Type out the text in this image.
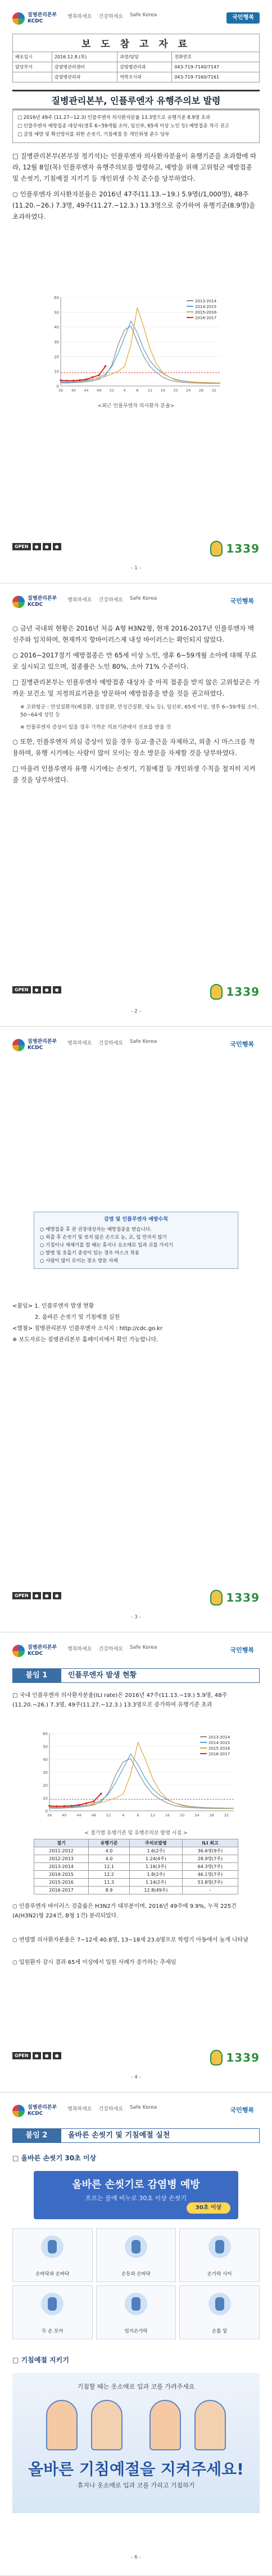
질병관리본부
KCDC
행복하세요 건강하세요 Safe Korea	국민행복
보 도 참 고 자 료			
배포일시	2016.12.8.(목)	과장/담당	전화번호
담당부서	감염병관리센터	감염병관리과	043-719-7140/7147
	감염병관리과	역학조사과	043-719-7160/7161
질병관리본부, 인플루엔자 유행주의보 발령

□ 2016년 49주 (11.27~12.3) 인플루엔자 의사환자분율 13.3명으로 유행기준 8.9명 초과

□ 인플루엔자 예방접종 대상자(생후 6~59개월 소아, 임신부, 65세 이상 노인 등) 예방접종 적극 권고

□ 감염 예방 및 확산방지를 위한 손씻기, 기침예절 등 개인위생 준수 당부

□ 질병관리본부(본부장 정기석)는 인플루엔자 의사환자분율이 유행기준을 초과함에 따라, 12월 8일(목) 인플루엔자 유행주의보를 발령하고, 예방을 위해 고위험군 예방접종 및 손씻기, 기침예절 지키기 등 개인위생 수칙 준수를 당부하였다.

○ 인플루엔자 의사환자분율은 2016년 47주(11.13.~19.) 5.9명(/1,000명), 48주(11.20.~26.) 7.3명, 49주(11.27.~12.3.) 13.3명으로 증가하여 유행기준(8.9명)을 초과하였다.

0
10
20
30
40
50
60
36 40 44 48 52	4	8	12 16 20 24 28 32
2013-2014
2014-2015
2015-2016
2016-2017
<최근 인플루엔자 의사환자 분율>
GPEN	●	●	●	1339
- 1 -
질병관리본부
KCDC
행복하세요 건강하세요 Safe Korea	국민행복

○ 금년 국내외 현황은 2016년 처음 A형 H3N2형, 현재 2016-2017년 인플루엔자 백신주와 일치하며, 현재까지 항바이러스제 내성 바이러스는 확인되지 않았다.

○ 2016~2017절기 예방접종은 만 65세 이상 노인, 생후 6~59개월 소아에 대해 무료로 실시되고 있으며, 접종률은 노인 80%, 소아 71% 수준이다.

□ 질병관리본부는 인플루엔자 예방접종 대상자 중 아직 접종을 받지 않은 고위험군은 가까운 보건소 및 지정의료기관을 방문하여 예방접종을 받을 것을 권고하였다.

※ 고위험군 : 만성질환자(폐질환, 심장질환, 만성간질환, 당뇨 등), 임신부, 65세 이상, 생후 6~59개월 소아, 50~64세 성인 등

※ 인플루엔자 증상이 있을 경우 가까운 의료기관에서 진료를 받을 것

○ 또한, 인플루엔자 의심 증상이 있을 경우 등교·출근을 자제하고, 외출 시 마스크를 착용하며, 유행 시기에는 사람이 많이 모이는 장소 방문을 자제할 것을 당부하였다.

□ 아울러 인플루엔자 유행 시기에는 손씻기, 기침예절 등 개인위생 수칙을 철저히 지켜 줄 것을 당부하였다.

GPEN	●	●	●	1339
- 2 -
질병관리본부
KCDC
행복하세요 건강하세요 Safe Korea	국민행복
감염 및 인플루엔자 예방수칙
○ 예방접종 후 관 권장대상자는 예방접종을 받습니다.
○ 외출 후 손씻기 및 씻지 않은 손으로 눈, 코, 입 만지지 않기
○ 기침이나 재채기를 할 때는 휴지나 옷소매로 입과 코를 가리기
○ 발열 및 호흡기 증상이 있는 경우 마스크 착용
○ 사람이 많이 모이는 장소 방문 자제

<붙임> 1. 인플루엔자 발생 현황

2. 올바른 손씻기 및 기침예절 실천

<별첨> 질병관리본부 인플루엔자 소식지 : http://cdc.go.kr

※ 보도자료는 질병관리본부 홈페이지에서 확인 가능합니다.

GPEN	●	●	●	1339
- 3 -
질병관리본부
KCDC
행복하세요 건강하세요 Safe Korea	국민행복
붙임 1	인플루엔자 발생 현황
□ 국내 인플루엔자 의사환자분율(ILI rate)은 2016년 47주(11.13.~19.) 5.9명, 48주(11.20.~26.) 7.3명, 49주(11.27.~12.3.) 13.3명으로 증가하여 유행기준 초과
0
10
20
30
40
50
60
36	40	44	48	52	4	8	12	16	20	24	28	32
2013-2014
2014-2015
2015-2016
2016-2017
< 절기별 유행기준 및 유행주의보 발령 시점 >
절기	유행기준	주의보발령	ILI 최고
2011-2012	4.0	1.6(2주)	36.6명(9주)
2012-2013	4.0	1.24(4주)	28.9명(7주)
2013-2014	12.1	1.16(3주)	64.3명(7주)
2014-2015	12.2	1.8(2주)	46.1명(7주)
2015-2016	11.3	1.14(2주)	53.8명(7주)
2016-2017	8.9	12.8(49주)	-
○ 인플루엔자 바이러스 검출률은 H3N2가 대부분이며, 2016년 49주에 9.9%, 누적 225건(A(H3N2)형 224건, B형 1건) 분리되었다.
○ 연령별 의사환자분율은 7~12세 40.8명, 13~18세 23.0명으로 학령기 아동에서 높게 나타남
○ 입원환자 감시 결과 65세 이상에서 입원 사례가 증가하는 추세임
GPEN	●	●	●	1339
- 4 -
질병관리본부
KCDC
행복하세요 건강하세요 Safe Korea	국민행복
붙임 2	올바른 손씻기 및 기침예절 실천
□ 올바른 손씻기 30초 이상
올바른 손씻기로 감염병 예방
흐르는 물에 비누로 30초 이상 손씻기
30초 이상
손바닥과 손바닥	손등과 손바닥	손가락 사이
두 손 모아	엄지손가락	손톱 밑
□ 기침예절 지키기
기침할 때는 옷소매로 입과 코를 가려주세요
올바른 기침예절을 지켜주세요!
휴지나 옷소매로 입과 코를 가리고 기침하기
- 6 -
